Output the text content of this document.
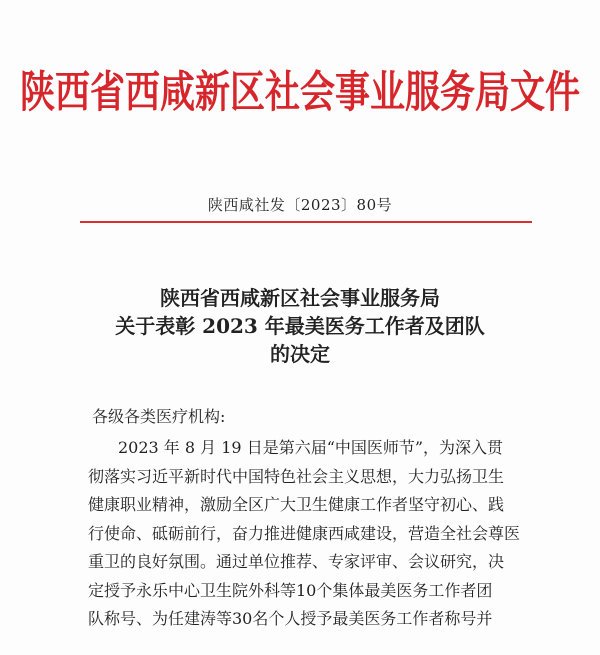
陕西省西咸新区社会事业服务局文件
陕西咸社发〔2023〕80号
陕西省西咸新区社会事业服务局
关于表彰 2023 年最美医务工作者及团队
的决定
各级各类医疗机构:
2023 年 8 月 19 日是第六届“中国医师节”，为深入贯
彻落实习近平新时代中国特色社会主义思想，大力弘扬卫生
健康职业精神，激励全区广大卫生健康工作者坚守初心、践
行使命、砥砺前行，奋力推进健康西咸建设，营造全社会尊医
重卫的良好氛围。通过单位推荐、专家评审、会议研究，决
定授予永乐中心卫生院外科等10个集体最美医务工作者团
队称号、为任建涛等30名个人授予最美医务工作者称号并
